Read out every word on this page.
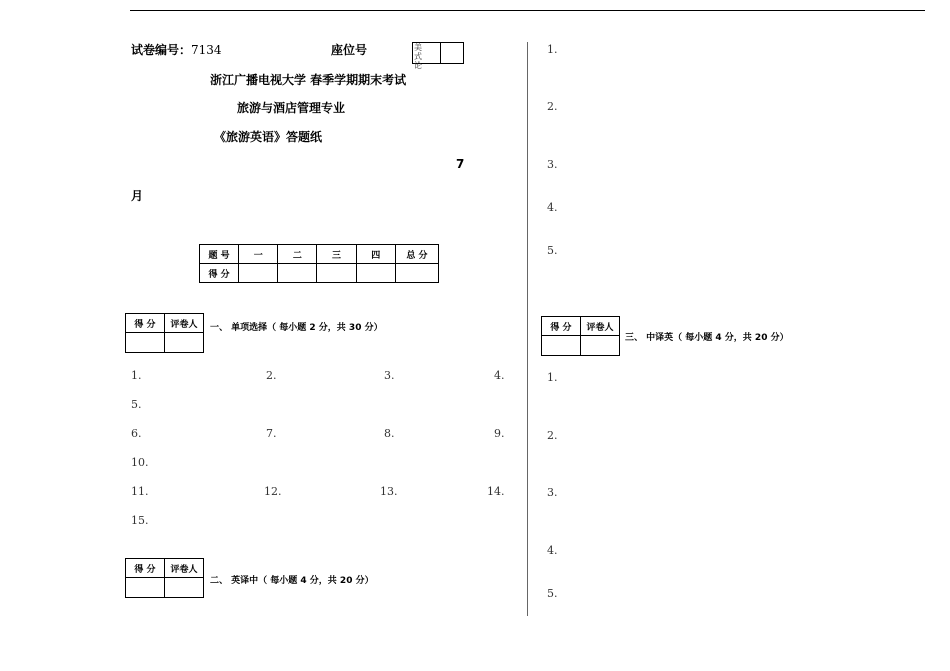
试卷编号：7134	座位号	美 式 论
浙江广播电视大学 春季学期期末考试
旅游与酒店管理专业
《旅游英语》答题纸
7
月
题 号	一	二	三	四	总 分
得 分					
得 分	评卷人
	一、 单项选择（ 每小题 2 分，共 30 分）
1.	2.	3.	4.
5.
6.	7.	8.	9.
10.
11.	12.	13.	14.
15.
得 分	评卷人

二、 英译中（ 每小题 4 分，共 20 分）
1.
2.
3.
4.
5.
得 分	评卷人

三、 中译英（ 每小题 4 分，共 20 分）
1.
2.
3.
4.
5.
